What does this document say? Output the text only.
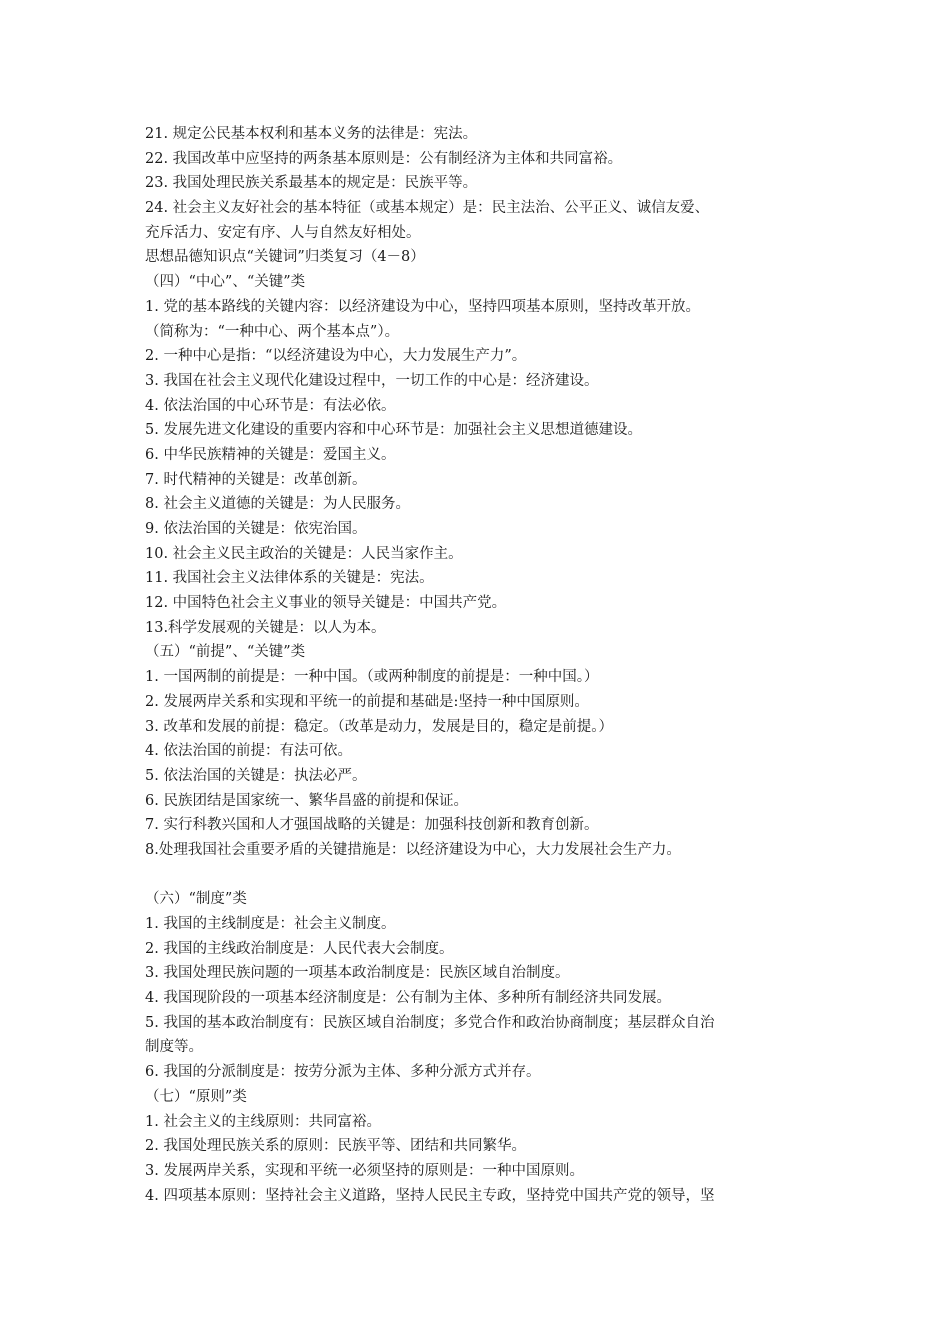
21. 规定公民基本权利和基本义务的法律是：宪法。
22. 我国改革中应坚持的两条基本原则是：公有制经济为主体和共同富裕。
23. 我国处理民族关系最基本的规定是：民族平等。
24. 社会主义友好社会的基本特征（或基本规定）是：民主法治、公平正义、诚信友爱、
充斥活力、安定有序、人与自然友好相处。
思想品德知识点“关键词”归类复习（4－8）
（四）“中心”、“关键”类
1. 党的基本路线的关键内容：以经济建设为中心，坚持四项基本原则，坚持改革开放。
（简称为：“一种中心、两个基本点”）。
2. 一种中心是指：“以经济建设为中心，大力发展生产力”。
3. 我国在社会主义现代化建设过程中，一切工作的中心是：经济建设。
4. 依法治国的中心环节是：有法必依。
5. 发展先进文化建设的重要内容和中心环节是：加强社会主义思想道德建设。
6. 中华民族精神的关键是：爱国主义。
7. 时代精神的关键是：改革创新。
8. 社会主义道德的关键是：为人民服务。
9. 依法治国的关键是：依宪治国。
10. 社会主义民主政治的关键是：人民当家作主。
11. 我国社会主义法律体系的关键是：宪法。
12. 中国特色社会主义事业的领导关键是：中国共产党。
13.科学发展观的关键是：以人为本。
（五）“前提”、“关键”类
1. 一国两制的前提是：一种中国。（或两种制度的前提是：一种中国。）
2. 发展两岸关系和实现和平统一的前提和基础是:坚持一种中国原则。
3. 改革和发展的前提：稳定。（改革是动力，发展是目的，稳定是前提。）
4. 依法治国的前提：有法可依。
5. 依法治国的关键是：执法必严。
6. 民族团结是国家统一、繁华昌盛的前提和保证。
7. 实行科教兴国和人才强国战略的关键是：加强科技创新和教育创新。
8.处理我国社会重要矛盾的关键措施是：以经济建设为中心，大力发展社会生产力。
（六）“制度”类
1. 我国的主线制度是：社会主义制度。
2. 我国的主线政治制度是：人民代表大会制度。
3. 我国处理民族问题的一项基本政治制度是：民族区域自治制度。
4. 我国现阶段的一项基本经济制度是：公有制为主体、多种所有制经济共同发展。
5. 我国的基本政治制度有：民族区域自治制度；多党合作和政治协商制度；基层群众自治
制度等。
6. 我国的分派制度是：按劳分派为主体、多种分派方式并存。
（七）“原则”类
1. 社会主义的主线原则：共同富裕。
2. 我国处理民族关系的原则：民族平等、团结和共同繁华。
3. 发展两岸关系，实现和平统一必须坚持的原则是：一种中国原则。
4. 四项基本原则：坚持社会主义道路，坚持人民民主专政，坚持党中国共产党的领导，坚
